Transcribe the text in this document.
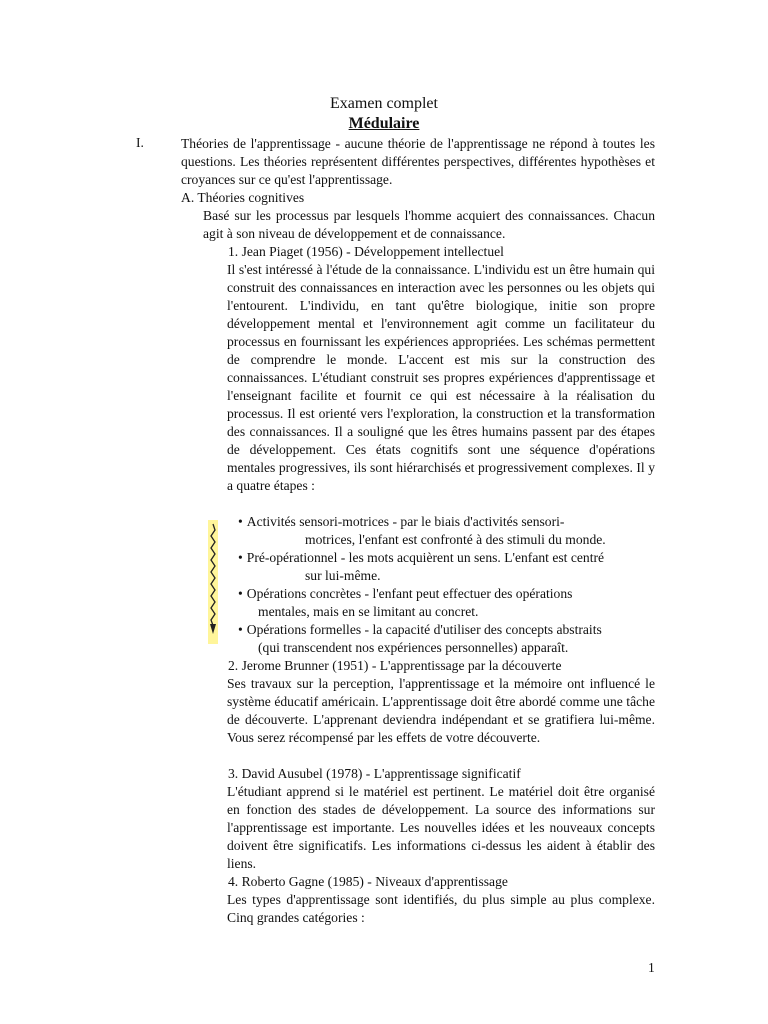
Examen complet
Médulaire
I.	Théories de l'apprentissage - aucune théorie de l'apprentissage ne répond à toutes les questions. Les théories représentent différentes perspectives, différentes hypothèses et croyances sur ce qu'est l'apprentissage.
A. Théories cognitives
Basé sur les processus par lesquels l'homme acquiert des connaissances. Chacun agit à son niveau de développement et de connaissance.
1. Jean Piaget (1956) - Développement intellectuel
Il s'est intéressé à l'étude de la connaissance. L'individu est un être humain qui construit des connaissances en interaction avec les personnes ou les objets qui l'entourent. L'individu, en tant qu'être biologique, initie son propre développement mental et l'environnement agit comme un facilitateur du processus en fournissant les expériences appropriées. Les schémas permettent de comprendre le monde. L'accent est mis sur la construction des connaissances. L'étudiant construit ses propres expériences d'apprentissage et l'enseignant facilite et fournit ce qui est nécessaire à la réalisation du processus. Il est orienté vers l'exploration, la construction et la transformation des connaissances. Il a souligné que les êtres humains passent par des étapes de développement. Ces états cognitifs sont une séquence d'opérations mentales progressives, ils sont hiérarchisés et progressivement complexes. Il y a quatre étapes :
• Activités sensori-motrices - par le biais d'activités sensori-
motrices, l'enfant est confronté à des stimuli du monde.
• Pré-opérationnel - les mots acquièrent un sens. L'enfant est centré
sur lui-même.
• Opérations concrètes - l'enfant peut effectuer des opérations
mentales, mais en se limitant au concret.
• Opérations formelles - la capacité d'utiliser des concepts abstraits
(qui transcendent nos expériences personnelles) apparaît.
2. Jerome Brunner (1951) - L'apprentissage par la découverte
Ses travaux sur la perception, l'apprentissage et la mémoire ont influencé le système éducatif américain. L'apprentissage doit être abordé comme une tâche de découverte. L'apprenant deviendra indépendant et se gratifiera lui-même. Vous serez récompensé par les effets de votre découverte.
3. David Ausubel (1978) - L'apprentissage significatif
L'étudiant apprend si le matériel est pertinent. Le matériel doit être organisé en fonction des stades de développement. La source des informations sur l'apprentissage est importante. Les nouvelles idées et les nouveaux concepts doivent être significatifs. Les informations ci-dessus les aident à établir des liens.
4. Roberto Gagne (1985) - Niveaux d'apprentissage
Les types d'apprentissage sont identifiés, du plus simple au plus complexe. Cinq grandes catégories :
1
